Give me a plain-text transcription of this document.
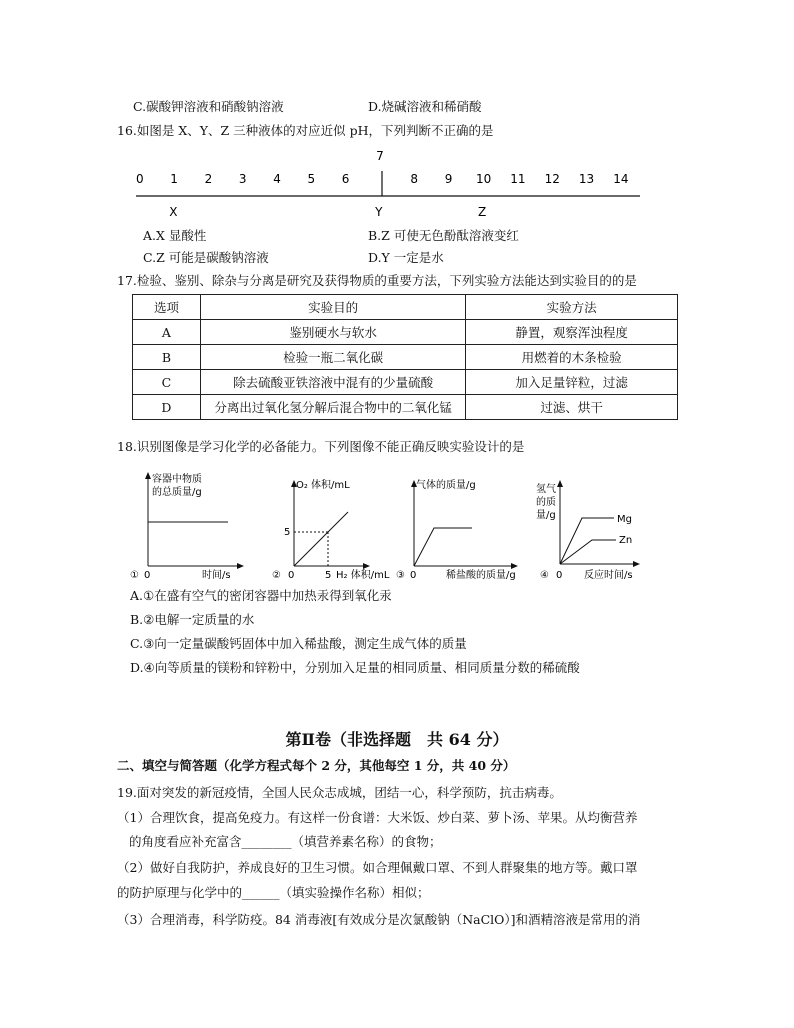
C.碳酸钾溶液和硝酸钠溶液	D.烧碱溶液和稀硝酸
16.如图是 X、Y、Z 三种液体的对应近似 pH，下列判断不正确的是
0 1 2 3 4 5 6
7
8 9 10 11 12 13 14
X	Y	Z
A.X 显酸性	B.Z 可使无色酚酞溶液变红
C.Z 可能是碳酸钠溶液	D.Y 一定是水
17.检验、鉴别、除杂与分离是研究及获得物质的重要方法，下列实验方法能达到实验目的的是
选项	实验目的	实验方法
A	鉴别硬水与软水	静置，观察浑浊程度
B	检验一瓶二氧化碳	用燃着的木条检验
C	除去硫酸亚铁溶液中混有的少量硫酸	加入足量锌粒，过滤
D	分离出过氧化氢分解后混合物中的二氧化锰	过滤、烘干
18.识别图像是学习化学的必备能力。下列图像不能正确反映实验设计的是
容器中物质
的总质量/g
① 0	时间/s
O₂ 体积/mL
5
② 0	5 H₂ 体积/mL
气体的质量/g
③ 0	稀盐酸的质量/g
氢气
的质
量/g	Mg
Zn
④ 0 反应时间/s
A.①在盛有空气的密闭容器中加热汞得到氧化汞
B.②电解一定质量的水
C.③向一定量碳酸钙固体中加入稀盐酸，测定生成气体的质量
D.④向等质量的镁粉和锌粉中，分别加入足量的相同质量、相同质量分数的稀硫酸
第Ⅱ卷（非选择题　共 64 分）
二、填空与简答题（化学方程式每个 2 分，其他每空 1 分，共 40 分）
19.面对突发的新冠疫情，全国人民众志成城，团结一心，科学预防，抗击病毒。
（1）合理饮食，提高免疫力。有这样一份食谱：大米饭、炒白菜、萝卜汤、苹果。从均衡营养
的角度看应补充富含________（填营养素名称）的食物；
（2）做好自我防护，养成良好的卫生习惯。如合理佩戴口罩、不到人群聚集的地方等。戴口罩
的防护原理与化学中的______（填实验操作名称）相似；
（3）合理消毒，科学防疫。84 消毒液[有效成分是次氯酸钠（NaClO）]和酒精溶液是常用的消
